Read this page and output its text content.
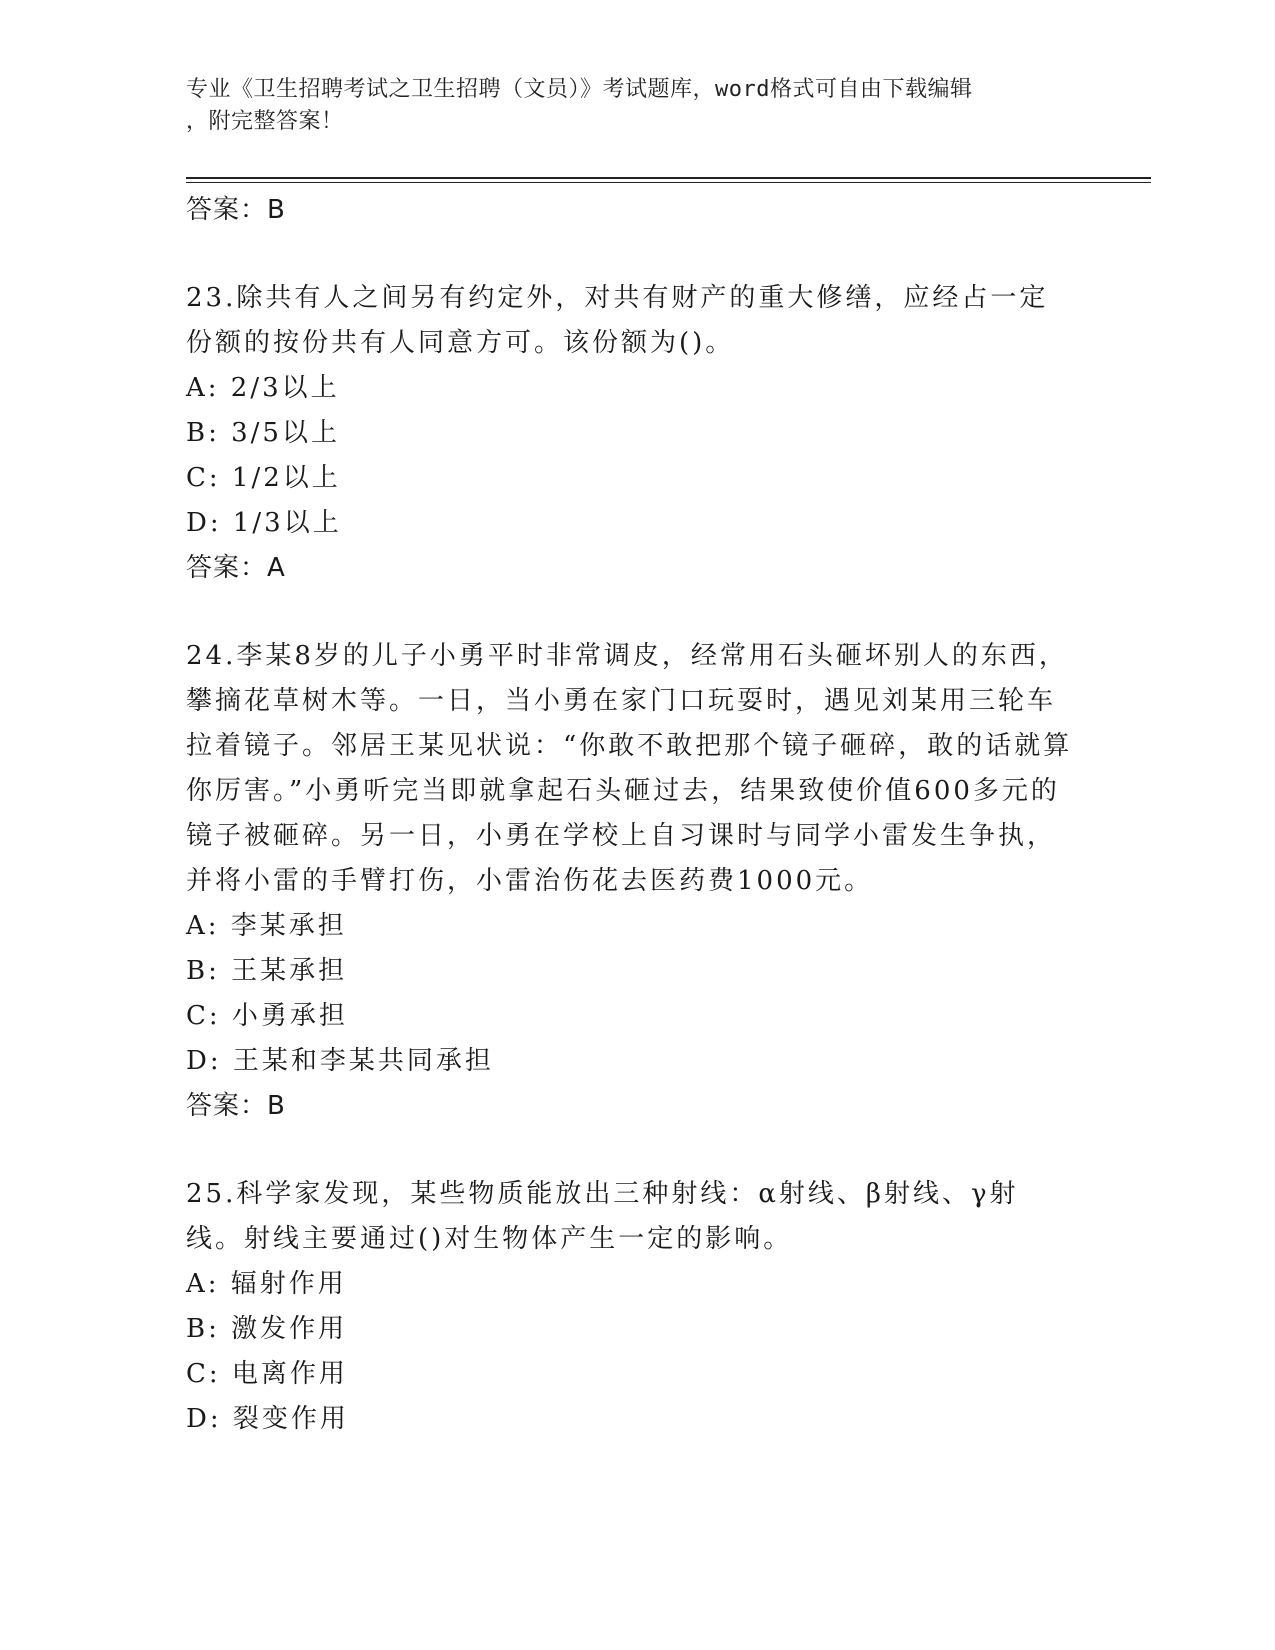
专业《卫生招聘考试之卫生招聘（文员）》考试题库，word格式可自由下载编辑
，附完整答案！
答案：B
23.除共有人之间另有约定外，对共有财产的重大修缮，应经占一定份额的按份共有人同意方可。该份额为()。
A: 2/3以上
B: 3/5以上
C: 1/2以上
D: 1/3以上
答案：A
24.李某8岁的儿子小勇平时非常调皮，经常用石头砸坏别人的东西，攀摘花草树木等。一日，当小勇在家门口玩耍时，遇见刘某用三轮车拉着镜子。邻居王某见状说：“你敢不敢把那个镜子砸碎，敢的话就算你厉害。”小勇听完当即就拿起石头砸过去，结果致使价值600多元的镜子被砸碎。另一日，小勇在学校上自习课时与同学小雷发生争执，并将小雷的手臂打伤，小雷治伤花去医药费1000元。
A: 李某承担
B: 王某承担
C: 小勇承担
D: 王某和李某共同承担
答案：B
25.科学家发现，某些物质能放出三种射线：α射线、β射线、γ射线。射线主要通过()对生物体产生一定的影响。
A: 辐射作用
B: 激发作用
C: 电离作用
D: 裂变作用
